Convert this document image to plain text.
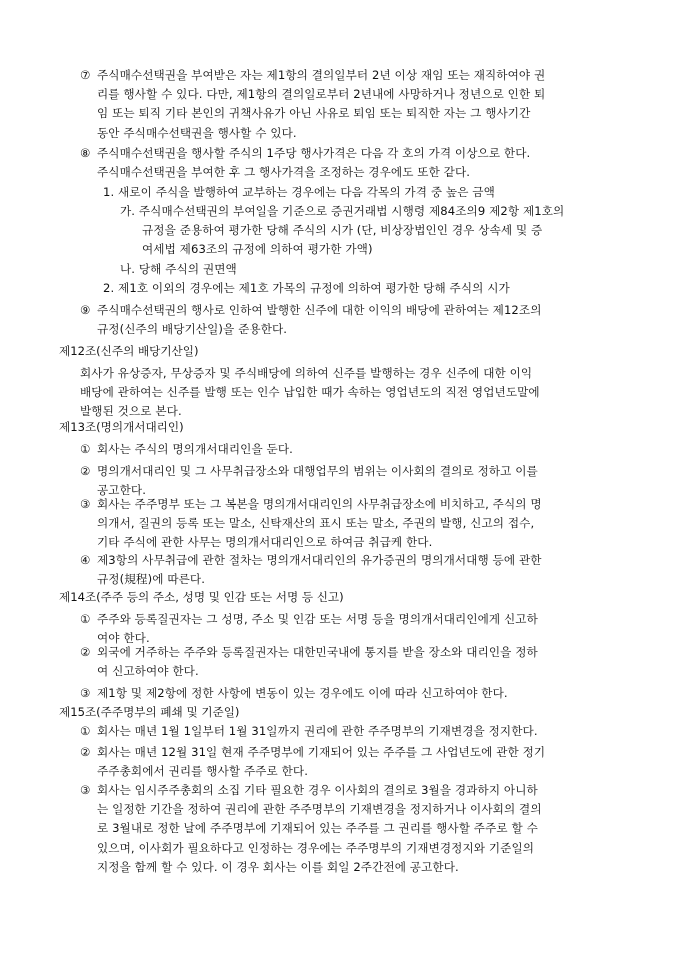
⑦ 주식매수선택권을 부여받은 자는 제1항의 결의일부터 2년 이상 재임 또는 재직하여야 권
리를 행사할 수 있다. 다만, 제1항의 결의일로부터 2년내에 사망하거나 정년으로 인한 퇴
임 또는 퇴직 기타 본인의 귀책사유가 아닌 사유로 퇴임 또는 퇴직한 자는 그 행사기간
동안 주식매수선택권을 행사할 수 있다.
⑧ 주식매수선택권을 행사할 주식의 1주당 행사가격은 다음 각 호의 가격 이상으로 한다.
주식매수선택권을 부여한 후 그 행사가격을 조정하는 경우에도 또한 같다.
1. 새로이 주식을 발행하여 교부하는 경우에는 다음 각목의 가격 중 높은 금액
가. 주식매수선택권의 부여일을 기준으로 증권거래법 시행령 제84조의9 제2항 제1호의
규정을 준용하여 평가한 당해 주식의 시가 (단, 비상장법인인 경우 상속세 및 증
여세법 제63조의 규정에 의하여 평가한 가액)
나. 당해 주식의 권면액
2. 제1호 이외의 경우에는 제1호 가목의 규정에 의하여 평가한 당해 주식의 시가
⑨ 주식매수선택권의 행사로 인하여 발행한 신주에 대한 이익의 배당에 관하여는 제12조의
규정(신주의 배당기산일)을 준용한다.
제12조(신주의 배당기산일)
회사가 유상증자, 무상증자 및 주식배당에 의하여 신주를 발행하는 경우 신주에 대한 이익
배당에 관하여는 신주를 발행 또는 인수 납입한 때가 속하는 영업년도의 직전 영업년도말에
발행된 것으로 본다.
제13조(명의개서대리인)
① 회사는 주식의 명의개서대리인을 둔다.
② 명의개서대리인 및 그 사무취급장소와 대행업무의 범위는 이사회의 결의로 정하고 이를
공고한다.
③ 회사는 주주명부 또는 그 복본을 명의개서대리인의 사무취급장소에 비치하고, 주식의 명
의개서, 질권의 등록 또는 말소, 신탁재산의 표시 또는 말소, 주권의 발행, 신고의 접수,
기타 주식에 관한 사무는 명의개서대리인으로 하여금 취급케 한다.
④ 제3항의 사무취급에 관한 절차는 명의개서대리인의 유가증권의 명의개서대행 등에 관한
규정(規程)에 따른다.
제14조(주주 등의 주소, 성명 및 인감 또는 서명 등 신고)
① 주주와 등록질권자는 그 성명, 주소 및 인감 또는 서명 등을 명의개서대리인에게 신고하
여야 한다.
② 외국에 거주하는 주주와 등록질권자는 대한민국내에 통지를 받을 장소와 대리인을 정하
여 신고하여야 한다.
③ 제1항 및 제2항에 정한 사항에 변동이 있는 경우에도 이에 따라 신고하여야 한다.
제15조(주주명부의 폐쇄 및 기준일)
① 회사는 매년 1월 1일부터 1월 31일까지 권리에 관한 주주명부의 기재변경을 정지한다.
② 회사는 매년 12월 31일 현재 주주명부에 기재되어 있는 주주를 그 사업년도에 관한 정기
주주총회에서 권리를 행사할 주주로 한다.
③ 회사는 임시주주총회의 소집 기타 필요한 경우 이사회의 결의로 3월을 경과하지 아니하
는 일정한 기간을 정하여 권리에 관한 주주명부의 기재변경을 정지하거나 이사회의 결의
로 3월내로 정한 날에 주주명부에 기재되어 있는 주주를 그 권리를 행사할 주주로 할 수
있으며, 이사회가 필요하다고 인정하는 경우에는 주주명부의 기재변경정지와 기준일의
지정을 함께 할 수 있다. 이 경우 회사는 이를 회일 2주간전에 공고한다.
